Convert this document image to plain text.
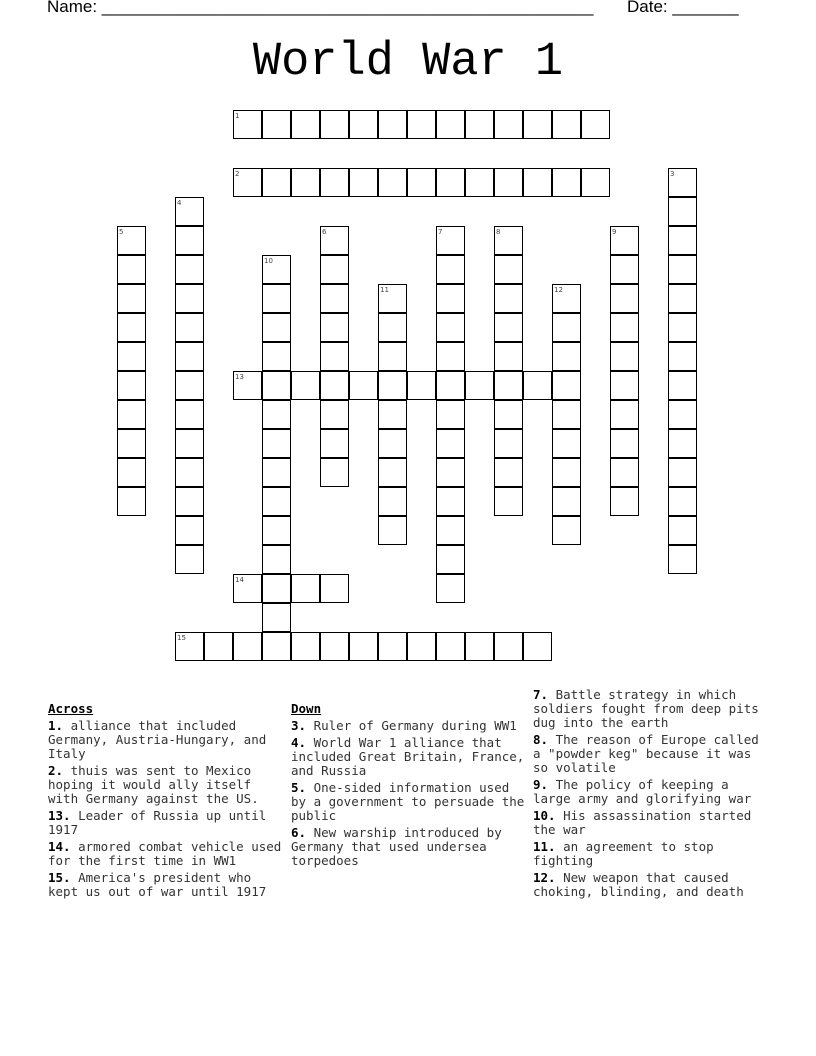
Name: ____________________________________________________ Date: _______
World War 1
1
2	3
4
5	6	7	8	9
10
11	12
13
14
15
Across
1. alliance that included Germany, Austria-Hungary, and Italy
2. thuis was sent to Mexico hoping it would ally itself with Germany against the US.
13. Leader of Russia up until 1917
14. armored combat vehicle used for the first time in WW1
15. America's president who kept us out of war until 1917
Down
3. Ruler of Germany during WW1
4. World War 1 alliance that included Great Britain, France, and Russia
5. One-sided information used by a government to persuade the public
6. New warship introduced by Germany that used undersea torpedoes
7. Battle strategy in which soldiers fought from deep pits dug into the earth
8. The reason of Europe called a "powder keg" because it was so volatile
9. The policy of keeping a large army and glorifying war
10. His assassination started the war
11. an agreement to stop fighting
12. New weapon that caused choking, blinding, and death
